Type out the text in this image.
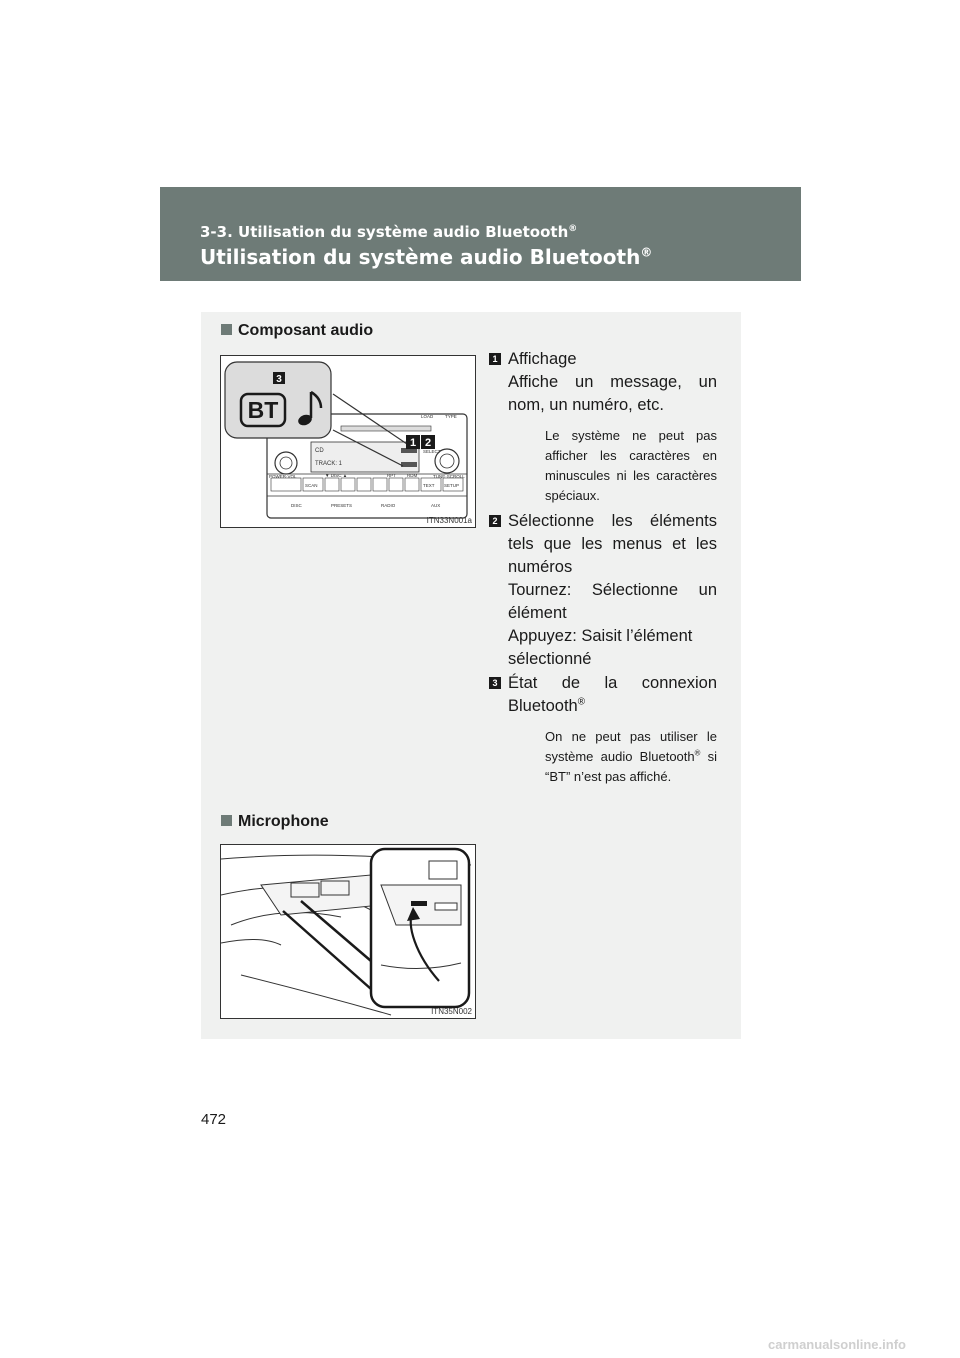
3-3. Utilisation du système audio Bluetooth®
Utilisation du système audio Bluetooth®
Composant audio
BT
3
1 2
CD
TRACK: 1
LOAD	TYPE
SELECT
POWER·VOL	TUNE·SCROLL
▼ DISC ▲	RPT RDM
SCAN	TEXT SETUP
DISC	PRESETS	RADIO	AUX
ITN33N001a
1 Affichage
Affiche un message, un nom, un numéro, etc.
Le système ne peut pas afficher les caractères en minuscules ni les caractères spéciaux.
2 Sélectionne les éléments tels que les menus et les numéros
Tournez: Sélectionne un élément
Appuyez: Saisit l’élément sélectionné
3 État de la connexion Bluetooth®
On ne peut pas utiliser le système audio Bluetooth® si “BT” n’est pas affiché.
Microphone
ITN35N002
472
carmanualsonline.info
